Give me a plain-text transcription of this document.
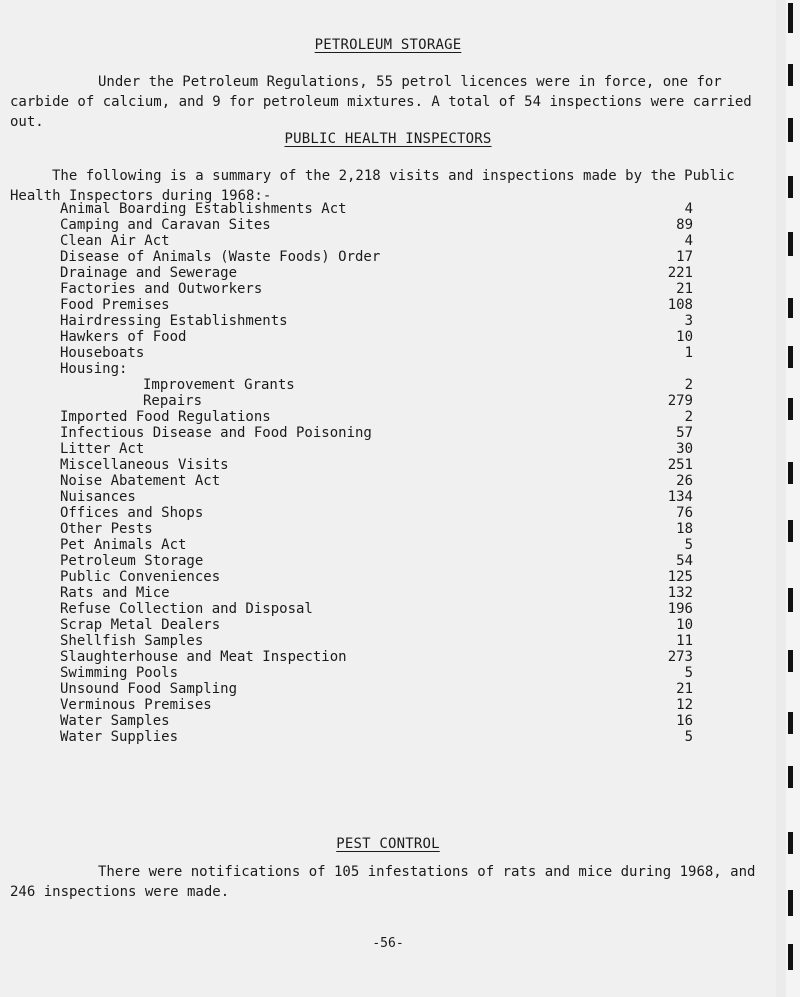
PETROLEUM STORAGE
Under the Petroleum Regulations, 55 petrol licences were in force, one for carbide of calcium, and 9 for petroleum mixtures. A total of 54 inspections were carried out.
PUBLIC HEALTH INSPECTORS
The following is a summary of the 2,218 visits and inspections made by the Public Health Inspectors during 1968:-
Animal Boarding Establishments Act	4
Camping and Caravan Sites	89
Clean Air Act	4
Disease of Animals (Waste Foods) Order	17
Drainage and Sewerage	221
Factories and Outworkers	21
Food Premises	108
Hairdressing Establishments	3
Hawkers of Food	10
Houseboats	1
Housing:
Improvement Grants	2
Repairs	279
Imported Food Regulations	2
Infectious Disease and Food Poisoning	57
Litter Act	30
Miscellaneous Visits	251
Noise Abatement Act	26
Nuisances	134
Offices and Shops	76
Other Pests	18
Pet Animals Act	5
Petroleum Storage	54
Public Conveniences	125
Rats and Mice	132
Refuse Collection and Disposal	196
Scrap Metal Dealers	10
Shellfish Samples	11
Slaughterhouse and Meat Inspection	273
Swimming Pools	5
Unsound Food Sampling	21
Verminous Premises	12
Water Samples	16
Water Supplies	5
PEST CONTROL
There were notifications of 105 infestations of rats and mice during 1968, and 246 inspections were made.
-56-
